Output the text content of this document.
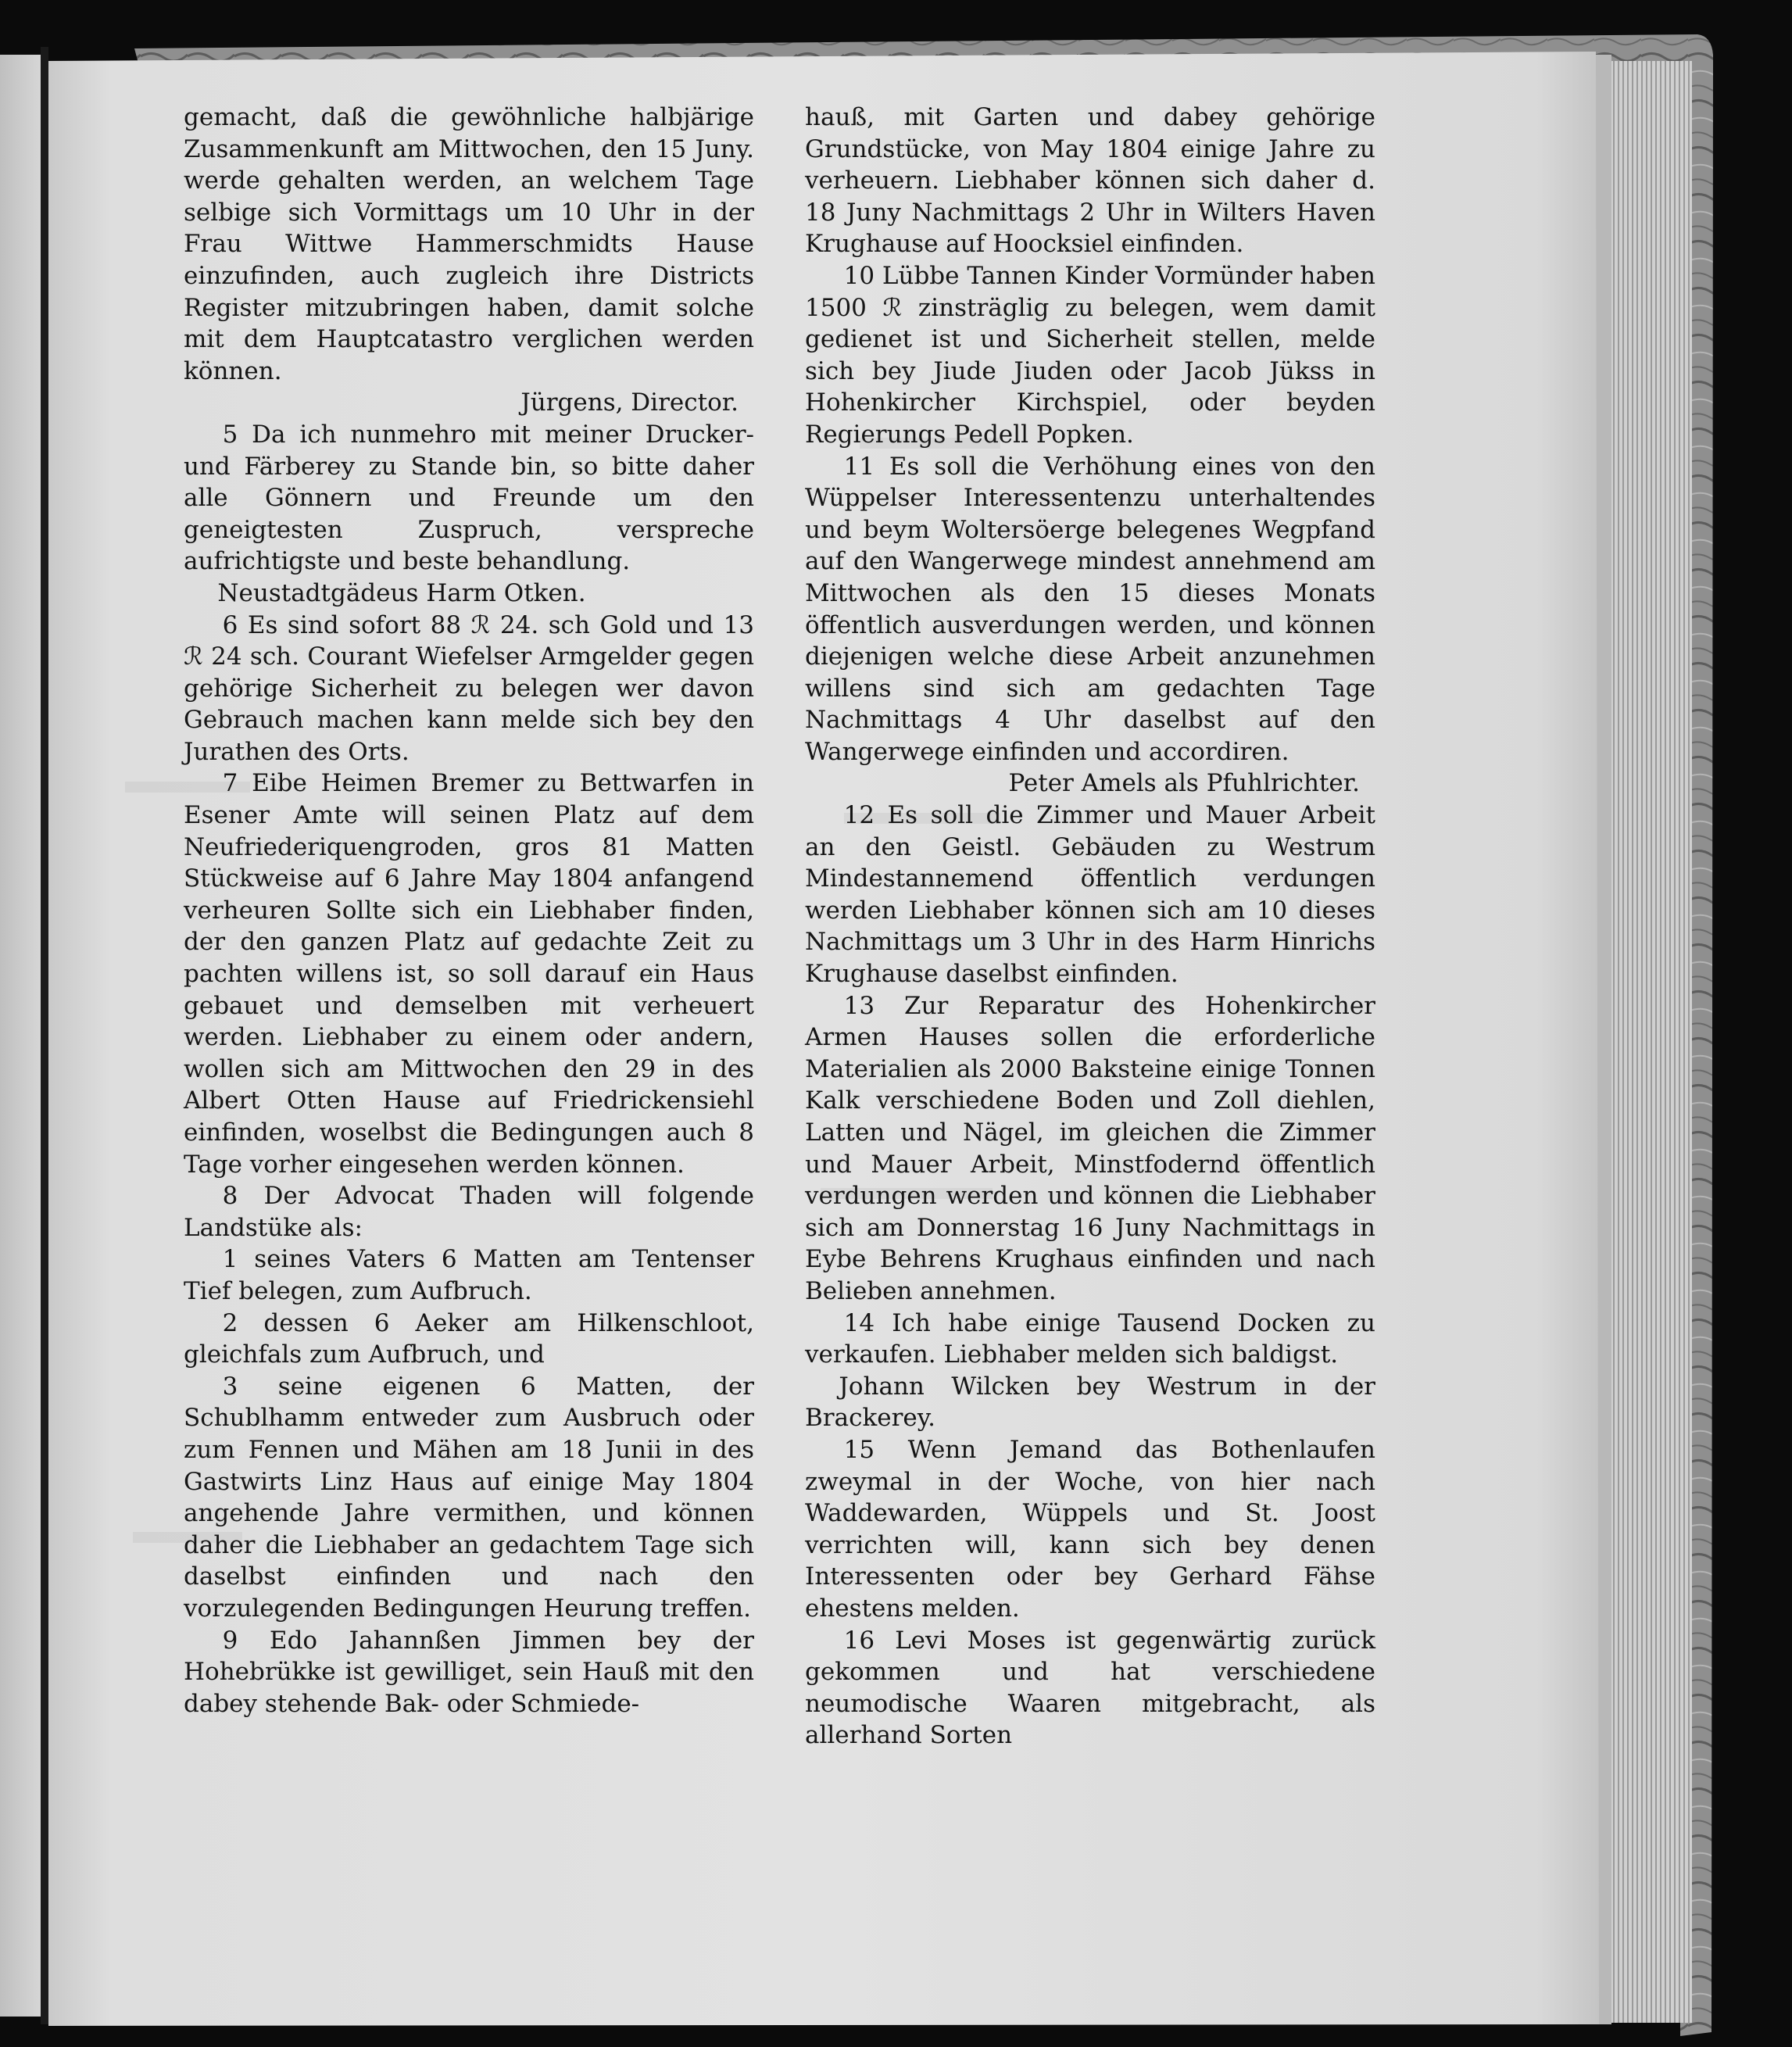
gemacht, daß die gewöhnliche halbjärige Zusammenkunft am Mittwochen, den 15 Juny. werde gehalten werden, an welchem Tage selbige sich Vormittags um 10 Uhr in der Frau Wittwe Hammerschmidts Hause einzufinden, auch zugleich ihre Districts Register mitzubringen haben, damit solche mit dem Hauptcatastro verglichen werden können.

Jürgens, Director.

5 Da ich nunmehro mit meiner Drucker- und Färberey zu Stande bin, so bitte daher alle Gönnern und Freunde um den geneigtesten Zuspruch, verspreche aufrichtigste und beste behandlung.

Neustadtgädeus Harm Otken.

6 Es sind sofort 88 ℛ 24. sch Gold und 13 ℛ 24 sch. Courant Wiefelser Armgelder gegen gehörige Sicherheit zu belegen wer davon Gebrauch machen kann melde sich bey den Jurathen des Orts.

7 Eibe Heimen Bremer zu Bettwarfen in Esener Amte will seinen Platz auf dem Neufriederiquengroden, gros 81 Matten Stückweise auf 6 Jahre May 1804 anfangend verheuren Sollte sich ein Liebhaber finden, der den ganzen Platz auf gedachte Zeit zu pachten willens ist, so soll darauf ein Haus gebauet und demselben mit verheuert werden. Liebhaber zu einem oder andern, wollen sich am Mittwochen den 29 in des Albert Otten Hause auf Friedrickensiehl einfinden, woselbst die Bedingungen auch 8 Tage vorher eingesehen werden können.

8 Der Advocat Thaden will folgende Landstüke als:

1 seines Vaters 6 Matten am Tentenser Tief belegen, zum Aufbruch.

2 dessen 6 Aeker am Hilkenschloot, gleichfals zum Aufbruch, und

3 seine eigenen 6 Matten, der Schublhamm entweder zum Ausbruch oder zum Fennen und Mähen am 18 Junii in des Gastwirts Linz Haus auf einige May 1804 angehende Jahre vermithen, und können daher die Liebhaber an gedachtem Tage sich daselbst einfinden und nach den vorzulegenden Bedingungen Heurung treffen.

9 Edo Jahannßen Jimmen bey der Hohebrükke ist gewilliget, sein Hauß mit den dabey stehende Bak- oder Schmiede-

hauß, mit Garten und dabey gehörige Grundstücke, von May 1804 einige Jahre zu verheuern. Liebhaber können sich daher d. 18 Juny Nachmittags 2 Uhr in Wilters Haven Krughause auf Hoocksiel einfinden.

10 Lübbe Tannen Kinder Vormünder haben 1500 ℛ zinsträglig zu belegen, wem damit gedienet ist und Sicherheit stellen, melde sich bey Jiude Jiuden oder Jacob Jükss in Hohenkircher Kirchspiel, oder beyden Regierungs Pedell Popken.

11 Es soll die Verhöhung eines von den Wüppelser Interessentenzu unterhaltendes und beym Woltersöerge belegenes Wegpfand auf den Wangerwege mindest annehmend am Mittwochen als den 15 dieses Monats öffentlich ausverdungen werden, und können diejenigen welche diese Arbeit anzunehmen willens sind sich am gedachten Tage Nachmittags 4 Uhr daselbst auf den Wangerwege einfinden und accordiren.

Peter Amels als Pfuhlrichter.

12 Es soll die Zimmer und Mauer Arbeit an den Geistl. Gebäuden zu Westrum Mindestannemend öffentlich verdungen werden Liebhaber können sich am 10 dieses Nachmittags um 3 Uhr in des Harm Hinrichs Krughause daselbst einfinden.

13 Zur Reparatur des Hohenkircher Armen Hauses sollen die erforderliche Materialien als 2000 Baksteine einige Tonnen Kalk verschiedene Boden und Zoll diehlen, Latten und Nägel, im gleichen die Zimmer und Mauer Arbeit, Minstfodernd öffentlich verdungen werden und können die Liebhaber sich am Donnerstag 16 Juny Nachmittags in Eybe Behrens Krughaus einfinden und nach Belieben annehmen.

14 Ich habe einige Tausend Docken zu verkaufen. Liebhaber melden sich baldigst.

Johann Wilcken bey Westrum in der Brackerey.

15 Wenn Jemand das Bothenlaufen zweymal in der Woche, von hier nach Waddewarden, Wüppels und St. Joost verrichten will, kann sich bey denen Interessenten oder bey Gerhard Fähse ehestens melden.

16 Levi Moses ist gegenwärtig zurück gekommen und hat verschiedene neumodische Waaren mitgebracht, als allerhand Sorten
